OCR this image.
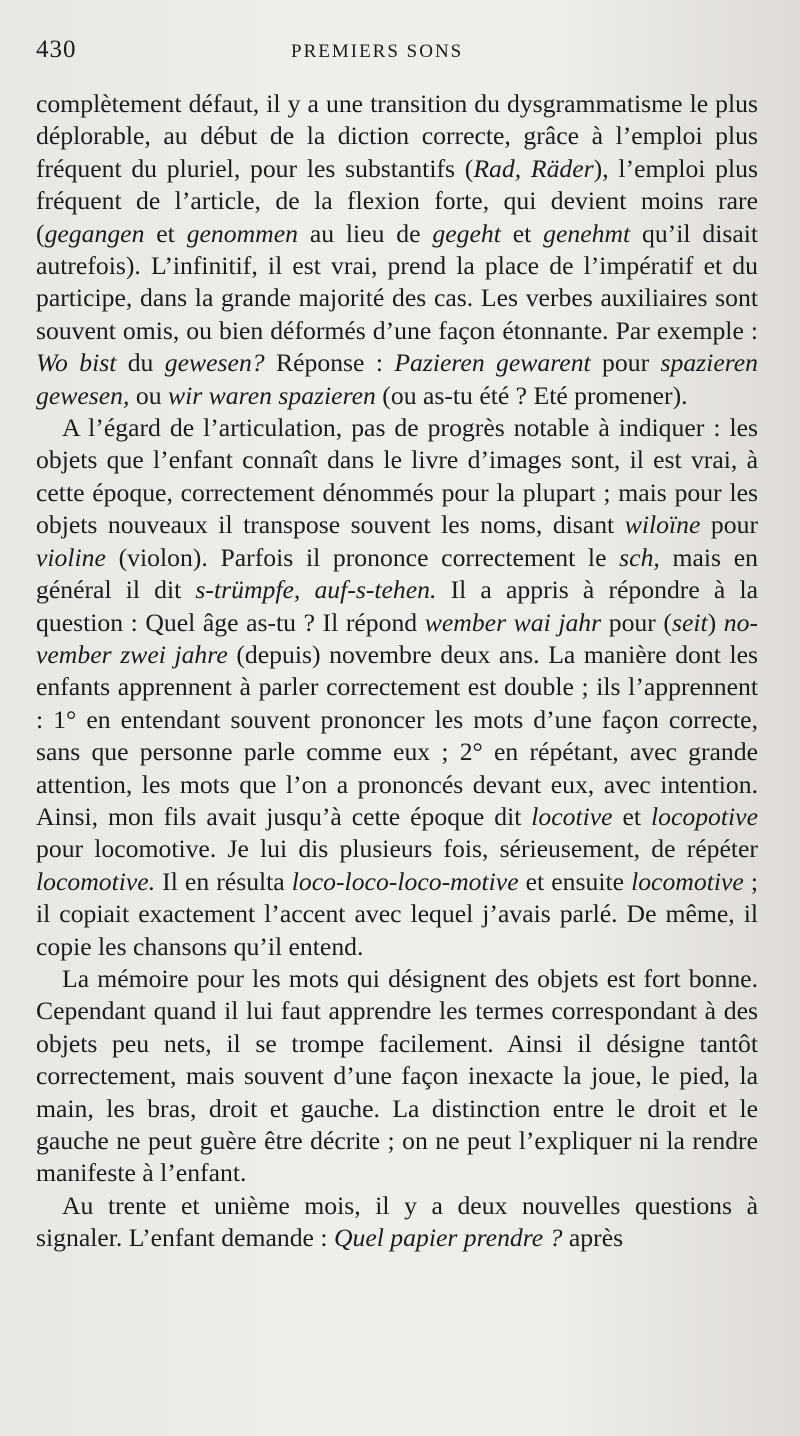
430	PREMIERS SONS

complètement défaut, il y a une transition du dysgrammatisme le plus déplorable, au début de la diction correcte, grâce à l’emploi plus fréquent du pluriel, pour les substantifs (Rad, Räder), l’emploi plus fréquent de l’article, de la flexion forte, qui devient moins rare (gegangen et genommen au lieu de gegeht et genehmt qu’il disait autrefois). L’infinitif, il est vrai, prend la place de l’impératif et du participe, dans la grande majorité des cas. Les verbes auxiliaires sont souvent omis, ou bien déformés d’une façon étonnante. Par exemple : Wo bist du gewesen? Réponse : Pazieren gewarent pour spazieren gewesen, ou wir waren spazieren (ou as-tu été ? Eté promener).

A l’égard de l’articulation, pas de progrès notable à indiquer : les objets que l’enfant connaît dans le livre d’images sont, il est vrai, à cette époque, correctement dénommés pour la plupart ; mais pour les objets nouveaux il transpose souvent les noms, disant wiloïne pour violine (violon). Parfois il prononce correctement le sch, mais en général il dit s-trümpfe, auf-s-tehen. Il a appris à répondre à la question : Quel âge as-tu ? Il répond wember wai jahr pour (seit) november zwei jahre (depuis) novembre deux ans. La manière dont les enfants apprennent à parler correctement est double ; ils l’apprennent : 1° en entendant souvent prononcer les mots d’une façon correcte, sans que personne parle comme eux ; 2° en répétant, avec grande attention, les mots que l’on a prononcés devant eux, avec intention. Ainsi, mon fils avait jusqu’à cette époque dit locotive et locopotive pour locomotive. Je lui dis plusieurs fois, sérieusement, de répéter locomotive. Il en résulta loco-loco-loco-motive et ensuite locomotive ; il copiait exactement l’accent avec lequel j’avais parlé. De même, il copie les chansons qu’il entend.

La mémoire pour les mots qui désignent des objets est fort bonne. Cependant quand il lui faut apprendre les termes correspondant à des objets peu nets, il se trompe facilement. Ainsi il désigne tantôt correctement, mais souvent d’une façon inexacte la joue, le pied, la main, les bras, droit et gauche. La distinction entre le droit et le gauche ne peut guère être décrite ; on ne peut l’expliquer ni la rendre manifeste à l’enfant.

Au trente et unième mois, il y a deux nouvelles questions à signaler. L’enfant demande : Quel papier prendre ? après
